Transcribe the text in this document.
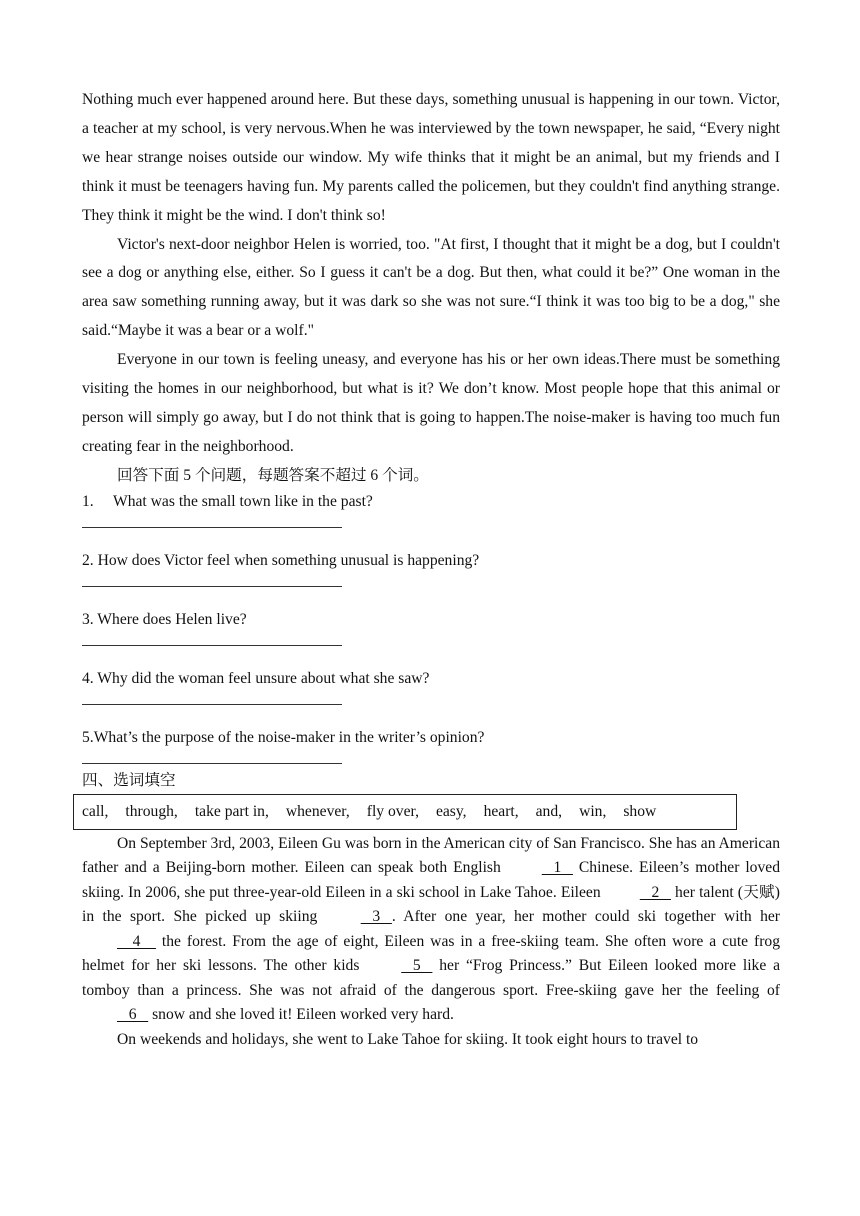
Nothing much ever happened around here. But these days, something unusual is happening in our town. Victor, a teacher at my school, is very nervous.When he was interviewed by the town newspaper, he said, “Every night we hear strange noises outside our window. My wife thinks that it might be an animal, but my friends and I think it must be teenagers having fun. My parents called the policemen, but they couldn't find anything strange. They think it might be the wind. I don't think so!

Victor's next-door neighbor Helen is worried, too. "At first, I thought that it might be a dog, but I couldn't see a dog or anything else, either. So I guess it can't be a dog. But then, what could it be?” One woman in the area saw something running away, but it was dark so she was not sure.“I think it was too big to be a dog," she said.“Maybe it was a bear or a wolf."

Everyone in our town is feeling uneasy, and everyone has his or her own ideas.There must be something visiting the homes in our neighborhood, but what is it? We don’t know. Most people hope that this animal or person will simply go away, but I do not think that is going to happen.The noise-maker is having too much fun creating fear in the neighborhood.

回答下面 5 个问题，每题答案不超过 6 个词。

1.	What was the small town like in the past?

2. How does Victor feel when something unusual is happening?

3. Where does Helen live?

4. Why did the woman feel unsure about what she saw?

5.What’s the purpose of the noise-maker in the writer’s opinion?

四、选词填空

call, through, take part in, whenever, fly over, easy, heart, and, win, show

On September 3rd, 2003, Eileen Gu was born in the American city of San Francisco. She has an American father and a Beijing-born mother. Eileen can speak both English    1    Chinese. Eileen’s mother loved skiing. In 2006, she put three-year-old Eileen in a ski school in Lake Tahoe. Eileen    2    her talent (天赋) in the sport. She picked up skiing    3   . After one year, her mother could ski together with her     4     the forest. From the age of eight, Eileen was in a free-skiing team. She often wore a cute frog helmet for her ski lessons. The other kids    5    her “Frog Princess.” But Eileen looked more like a tomboy than a princess. She was not afraid of the dangerous sport. Free-skiing gave her the feeling of    6    snow and she loved it! Eileen worked very hard.

On weekends and holidays, she went to Lake Tahoe for skiing. It took eight hours to travel to
